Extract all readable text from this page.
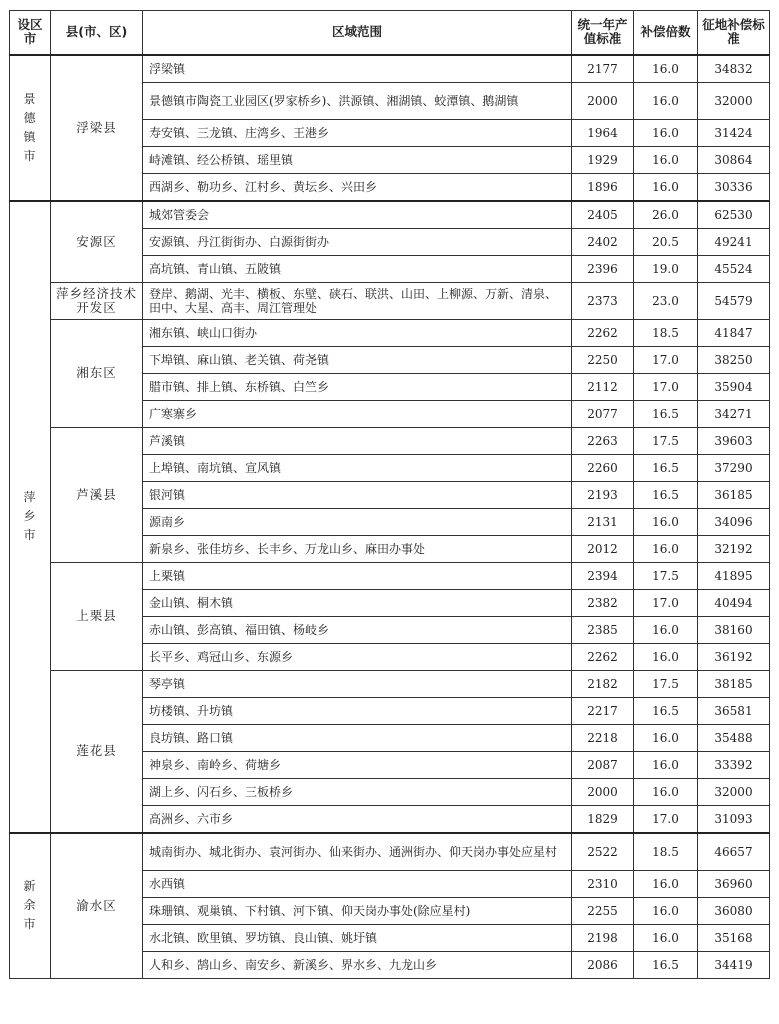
设区市	县(市、区)	区域范围	统一年产值标准	补偿倍数	征地补偿标准
景德镇市	浮梁县	浮梁镇	2177	16.0	34832
		景德镇市陶瓷工业园区(罗家桥乡)、洪源镇、湘湖镇、蛟潭镇、鹅湖镇	2000	16.0	32000
		寿安镇、三龙镇、庄湾乡、王港乡	1964	16.0	31424
		峙滩镇、经公桥镇、瑶里镇	1929	16.0	30864
		西湖乡、勒功乡、江村乡、黄坛乡、兴田乡	1896	16.0	30336
萍乡市	安源区	城郊管委会	2405	26.0	62530
		安源镇、丹江街街办、白源街街办	2402	20.5	49241
		高坑镇、青山镇、五陂镇	2396	19.0	45524
	萍乡经济技术开发区	登岸、鹅湖、光丰、横板、东壁、硖石、联洪、山田、上柳源、万新、清泉、田中、大星、高丰、周江管理处	2373	23.0	54579
	湘东区	湘东镇、峡山口街办	2262	18.5	41847
		下埠镇、麻山镇、老关镇、荷尧镇	2250	17.0	38250
		腊市镇、排上镇、东桥镇、白竺乡	2112	17.0	35904
		广寒寨乡	2077	16.5	34271
	芦溪县	芦溪镇	2263	17.5	39603
		上埠镇、南坑镇、宣风镇	2260	16.5	37290
		银河镇	2193	16.5	36185
		源南乡	2131	16.0	34096
		新泉乡、张佳坊乡、长丰乡、万龙山乡、麻田办事处	2012	16.0	32192
	上栗县	上栗镇	2394	17.5	41895
		金山镇、桐木镇	2382	17.0	40494
		赤山镇、彭高镇、福田镇、杨岐乡	2385	16.0	38160
		长平乡、鸡冠山乡、东源乡	2262	16.0	36192
	莲花县	琴亭镇	2182	17.5	38185
		坊楼镇、升坊镇	2217	16.5	36581
		良坊镇、路口镇	2218	16.0	35488
		神泉乡、南岭乡、荷塘乡	2087	16.0	33392
		湖上乡、闪石乡、三板桥乡	2000	16.0	32000
		高洲乡、六市乡	1829	17.0	31093
新余市	渝水区	城南街办、城北街办、袁河街办、仙来街办、通洲街办、仰天岗办事处应星村	2522	18.5	46657
		水西镇	2310	16.0	36960
		珠珊镇、观巢镇、下村镇、河下镇、仰天岗办事处(除应星村)	2255	16.0	36080
		水北镇、欧里镇、罗坊镇、良山镇、姚圩镇	2198	16.0	35168
		人和乡、鹄山乡、南安乡、新溪乡、界水乡、九龙山乡	2086	16.5	34419
